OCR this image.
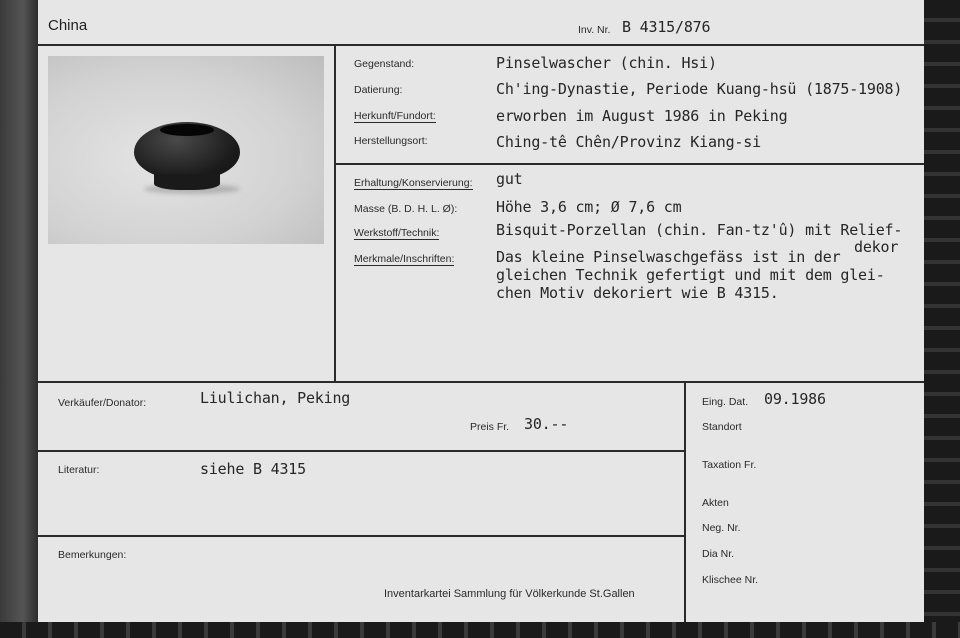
China	Inv. Nr. B 4315/876
Gegenstand:	Pinselwascher (chin. Hsi)
Datierung:	Ch'ing-Dynastie, Periode Kuang-hsü (1875-1908)
Herkunft/Fundort:	erworben im August 1986 in Peking
Herstellungsort:	Ching-tê Chên/Provinz Kiang-si
Erhaltung/Konservierung: gut
Masse (B. D. H. L. Ø):	Höhe 3,6 cm; Ø 7,6 cm
Werkstoff/Technik:	Bisquit-Porzellan (chin. Fan-tz'û) mit Relief-
dekor
Merkmale/Inschriften:	Das kleine Pinselwaschgefäss ist in der
gleichen Technik gefertigt und mit dem glei-
chen Motiv dekoriert wie B 4315.
Verkäufer/Donator:	Liulichan, Peking
Preis Fr. 30.--
Literatur:	siehe B 4315
Bemerkungen:
Inventarkartei Sammlung für Völkerkunde St.Gallen
Eing. Dat. 09.1986
Standort
Taxation Fr.
Akten
Neg. Nr.
Dia Nr.
Klischee Nr.
